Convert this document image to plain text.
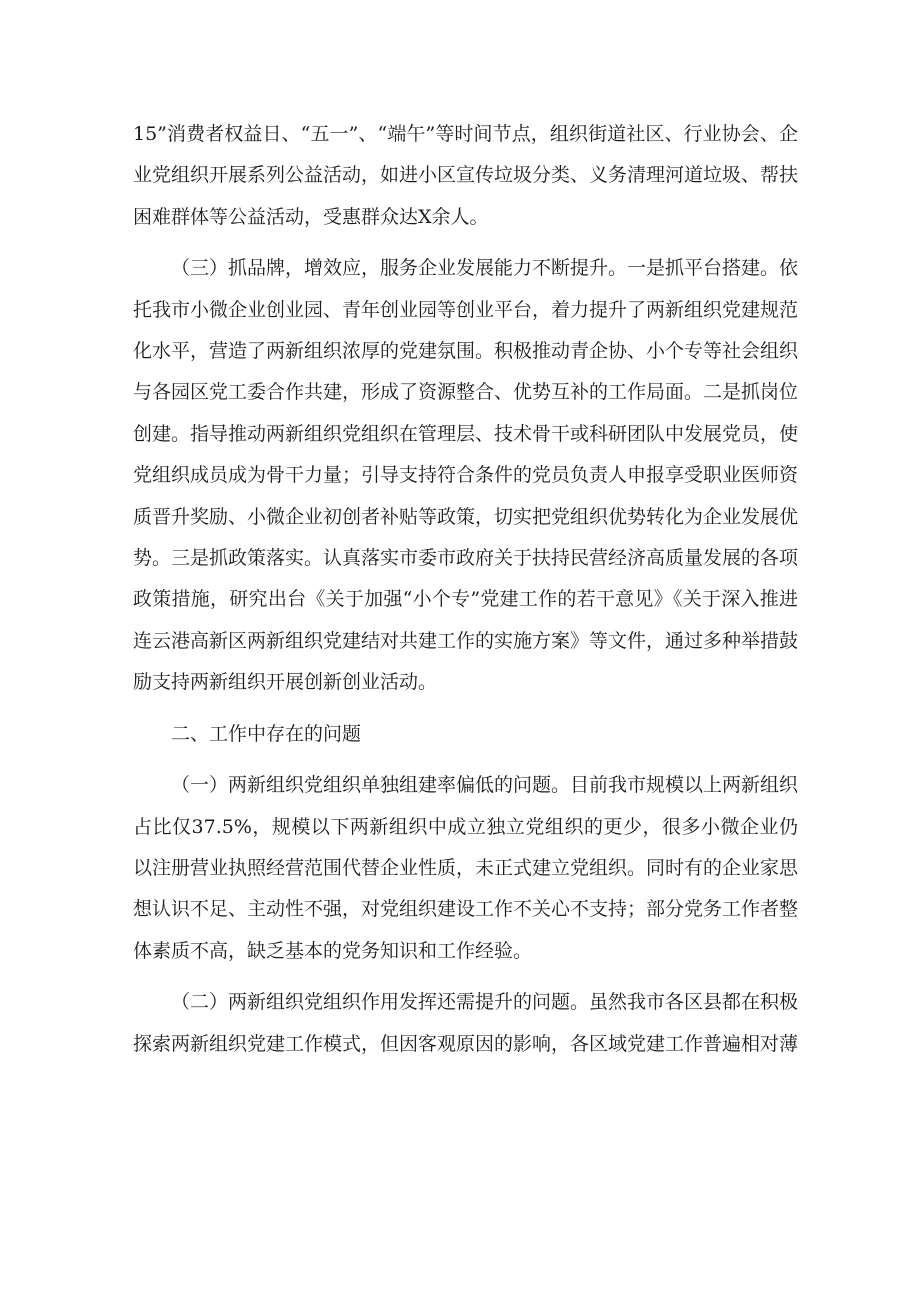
15”消费者权益日、“五一”、“端午”等时间节点，组织街道社区、行业协会、企业党组织开展系列公益活动，如进小区宣传垃圾分类、义务清理河道垃圾、帮扶困难群体等公益活动，受惠群众达X余人。

（三）抓品牌，增效应，服务企业发展能力不断提升。一是抓平台搭建。依托我市小微企业创业园、青年创业园等创业平台，着力提升了两新组织党建规范化水平，营造了两新组织浓厚的党建氛围。积极推动青企协、小个专等社会组织与各园区党工委合作共建，形成了资源整合、优势互补的工作局面。二是抓岗位创建。指导推动两新组织党组织在管理层、技术骨干或科研团队中发展党员，使党组织成员成为骨干力量；引导支持符合条件的党员负责人申报享受职业医师资质晋升奖励、小微企业初创者补贴等政策，切实把党组织优势转化为企业发展优势。三是抓政策落实。认真落实市委市政府关于扶持民营经济高质量发展的各项政策措施，研究出台《关于加强“小个专”党建工作的若干意见》《关于深入推进连云港高新区两新组织党建结对共建工作的实施方案》等文件，通过多种举措鼓励支持两新组织开展创新创业活动。

二、工作中存在的问题

（一）两新组织党组织单独组建率偏低的问题。目前我市规模以上两新组织占比仅37.5%，规模以下两新组织中成立独立党组织的更少，很多小微企业仍以注册营业执照经营范围代替企业性质，未正式建立党组织。同时有的企业家思想认识不足、主动性不强，对党组织建设工作不关心不支持；部分党务工作者整体素质不高，缺乏基本的党务知识和工作经验。

（二）两新组织党组织作用发挥还需提升的问题。虽然我市各区县都在积极探索两新组织党建工作模式，但因客观原因的影响，各区域党建工作普遍相对薄
